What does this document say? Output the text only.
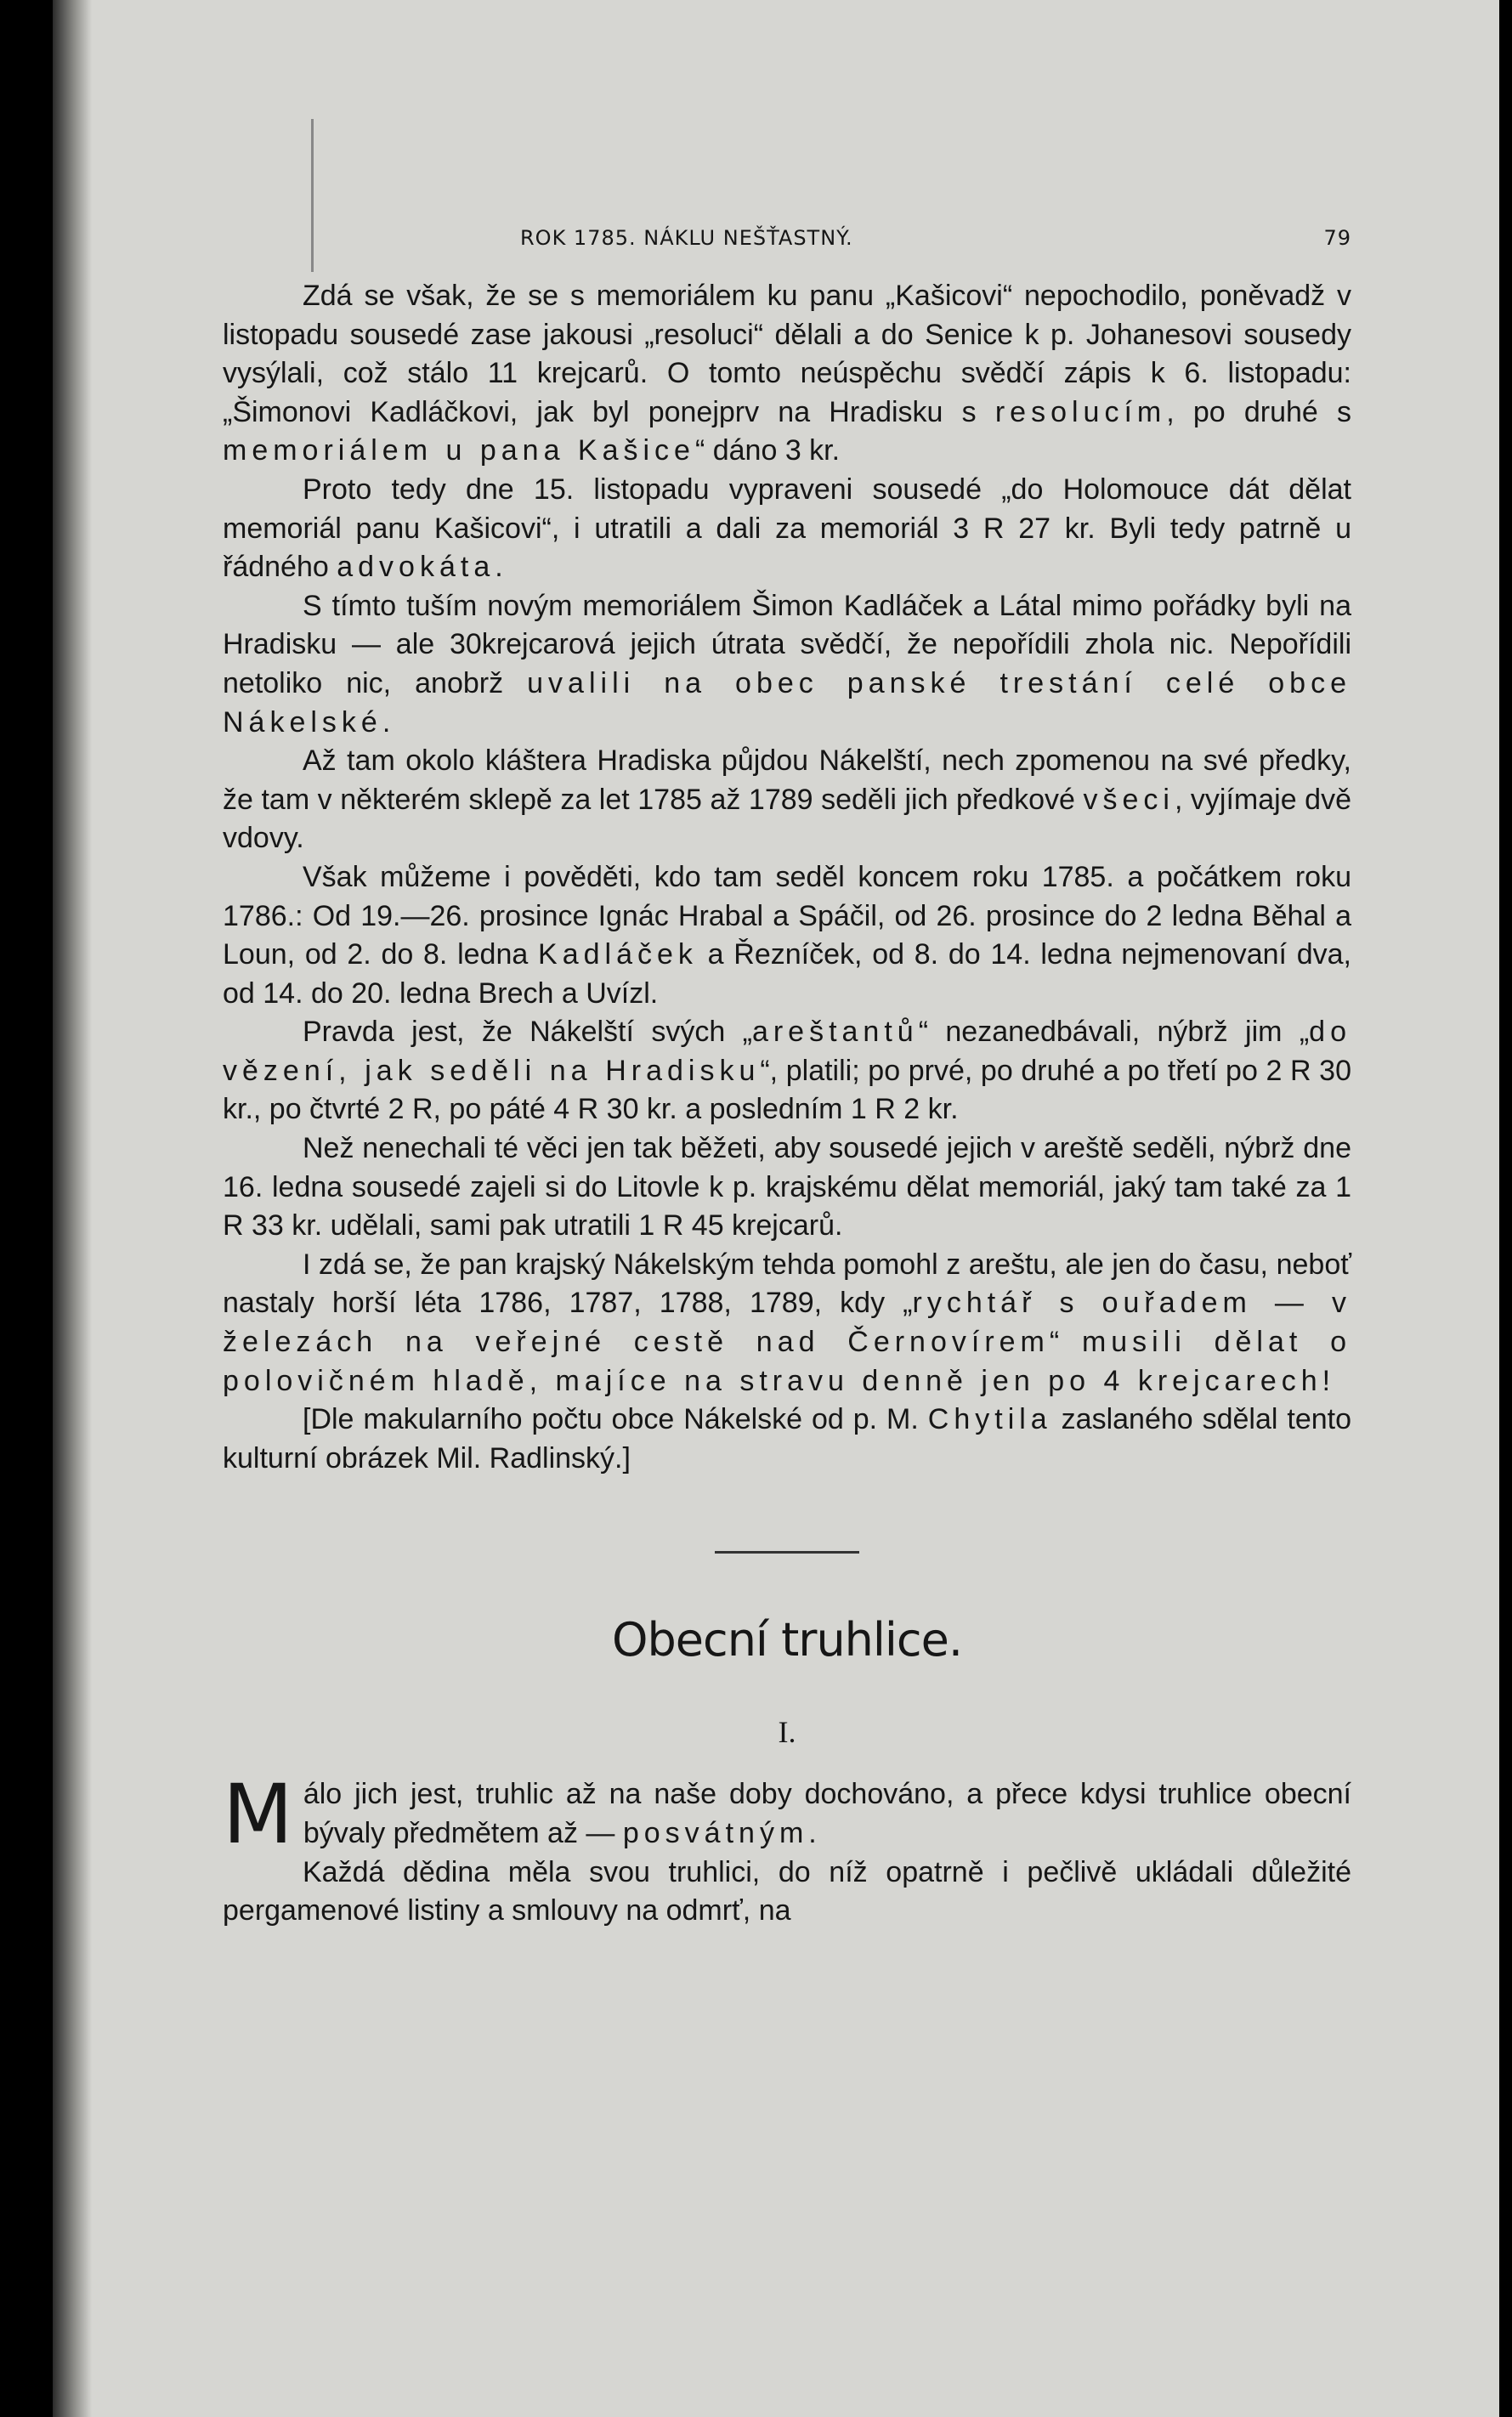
ROK 1785. NÁKLU NEŠŤASTNÝ.	79

Zdá se však, že se s memoriálem ku panu „Kašicovi“ nepochodilo, poněvadž v listopadu sousedé zase jakousi „resoluci“ dělali a do Senice k p. Johanesovi sousedy vysýlali, což stálo 11 krejcarů. O tomto neúspěchu svědčí zápis k 6. listopadu: „Šimonovi Kadláčkovi, jak byl ponejprv na Hradisku s resolucím, po druhé s memoriálem u pana Kašice“ dáno 3 kr.

Proto tedy dne 15. listopadu vypraveni sousedé „do Holomouce dát dělat memoriál panu Kašicovi“, i utratili a dali za memoriál 3 R 27 kr. Byli tedy patrně u řádného advokáta.

S tímto tuším novým memoriálem Šimon Kadláček a Látal mimo pořádky byli na Hradisku — ale 30krejcarová jejich útrata svědčí, že nepořídili zhola nic. Nepořídili netoliko nic, anobrž uvalili na obec panské trestání celé obce Nákelské.

Až tam okolo kláštera Hradiska půjdou Nákelští, nech zpomenou na své předky, že tam v některém sklepě za let 1785 až 1789 seděli jich předkové všeci, vyjímaje dvě vdovy.

Však můžeme i pověděti, kdo tam seděl koncem roku 1785. a počátkem roku 1786.: Od 19.—26. prosince Ignác Hrabal a Spáčil, od 26. prosince do 2 ledna Běhal a Loun, od 2. do 8. ledna Kadláček a Řezníček, od 8. do 14. ledna nejmenovaní dva, od 14. do 20. ledna Brech a Uvízl.

Pravda jest, že Nákelští svých „areštantů“ nezanedbávali, nýbrž jim „do vězení, jak seděli na Hradisku“, platili; po prvé, po druhé a po třetí po 2 R 30 kr., po čtvrté 2 R, po páté 4 R 30 kr. a posledním 1 R 2 kr.

Než nenechali té věci jen tak běžeti, aby sousedé jejich v areště seděli, nýbrž dne 16. ledna sousedé zajeli si do Litovle k p. krajskému dělat memoriál, jaký tam také za 1 R 33 kr. udělali, sami pak utratili 1 R 45 krejcarů.

I zdá se, že pan krajský Nákelským tehda pomohl z areštu, ale jen do času, neboť nastaly horší léta 1786, 1787, 1788, 1789, kdy „rychtář s ouřadem — v železách na veřejné cestě nad Černovírem“ musili dělat o polovičném hladě, majíce na stravu denně jen po 4 krejcarech!

[Dle makularního počtu obce Nákelské od p. M. Chytila zaslaného sdělal tento kulturní obrázek Mil. Radlinský.]

Obecní truhlice.
I.

Málo jich jest, truhlic až na naše doby dochováno, a přece kdysi truhlice obecní bývaly předmětem až — posvátným.

Každá dědina měla svou truhlici, do níž opatrně i pečlivě ukládali důležité pergamenové listiny a smlouvy na odmrť, na
